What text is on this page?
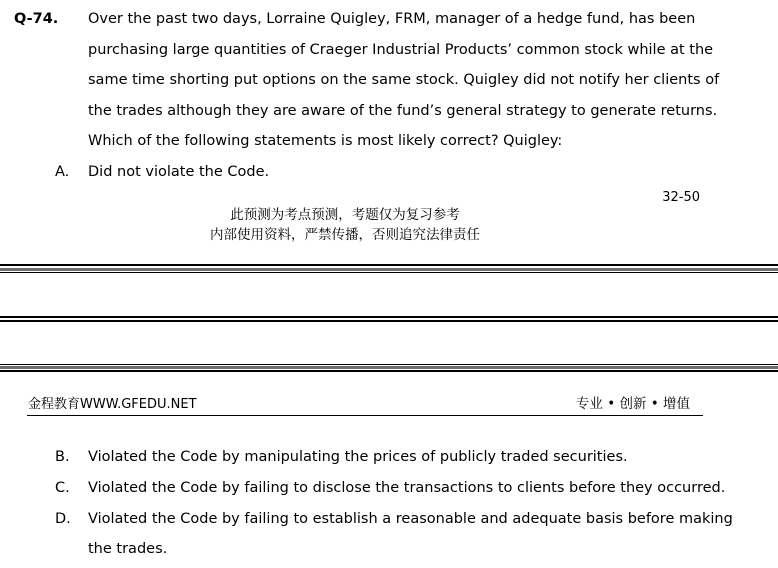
Q-74. Over the past two days, Lorraine Quigley, FRM, manager of a hedge fund, has been
purchasing large quantities of Craeger Industrial Products’ common stock while at the
same time shorting put options on the same stock. Quigley did not notify her clients of
the trades although they are aware of the fund’s general strategy to generate returns.
Which of the following statements is most likely correct? Quigley:
A. Did not violate the Code.
32-50
此预测为考点预测，考题仅为复习参考
内部使用资料，严禁传播，否则追究法律责任
金程教育WWW.GFEDU.NET	专业 • 创新 • 增值
B. Violated the Code by manipulating the prices of publicly traded securities.
C. Violated the Code by failing to disclose the transactions to clients before they occurred.
D. Violated the Code by failing to establish a reasonable and adequate basis before making
the trades.
